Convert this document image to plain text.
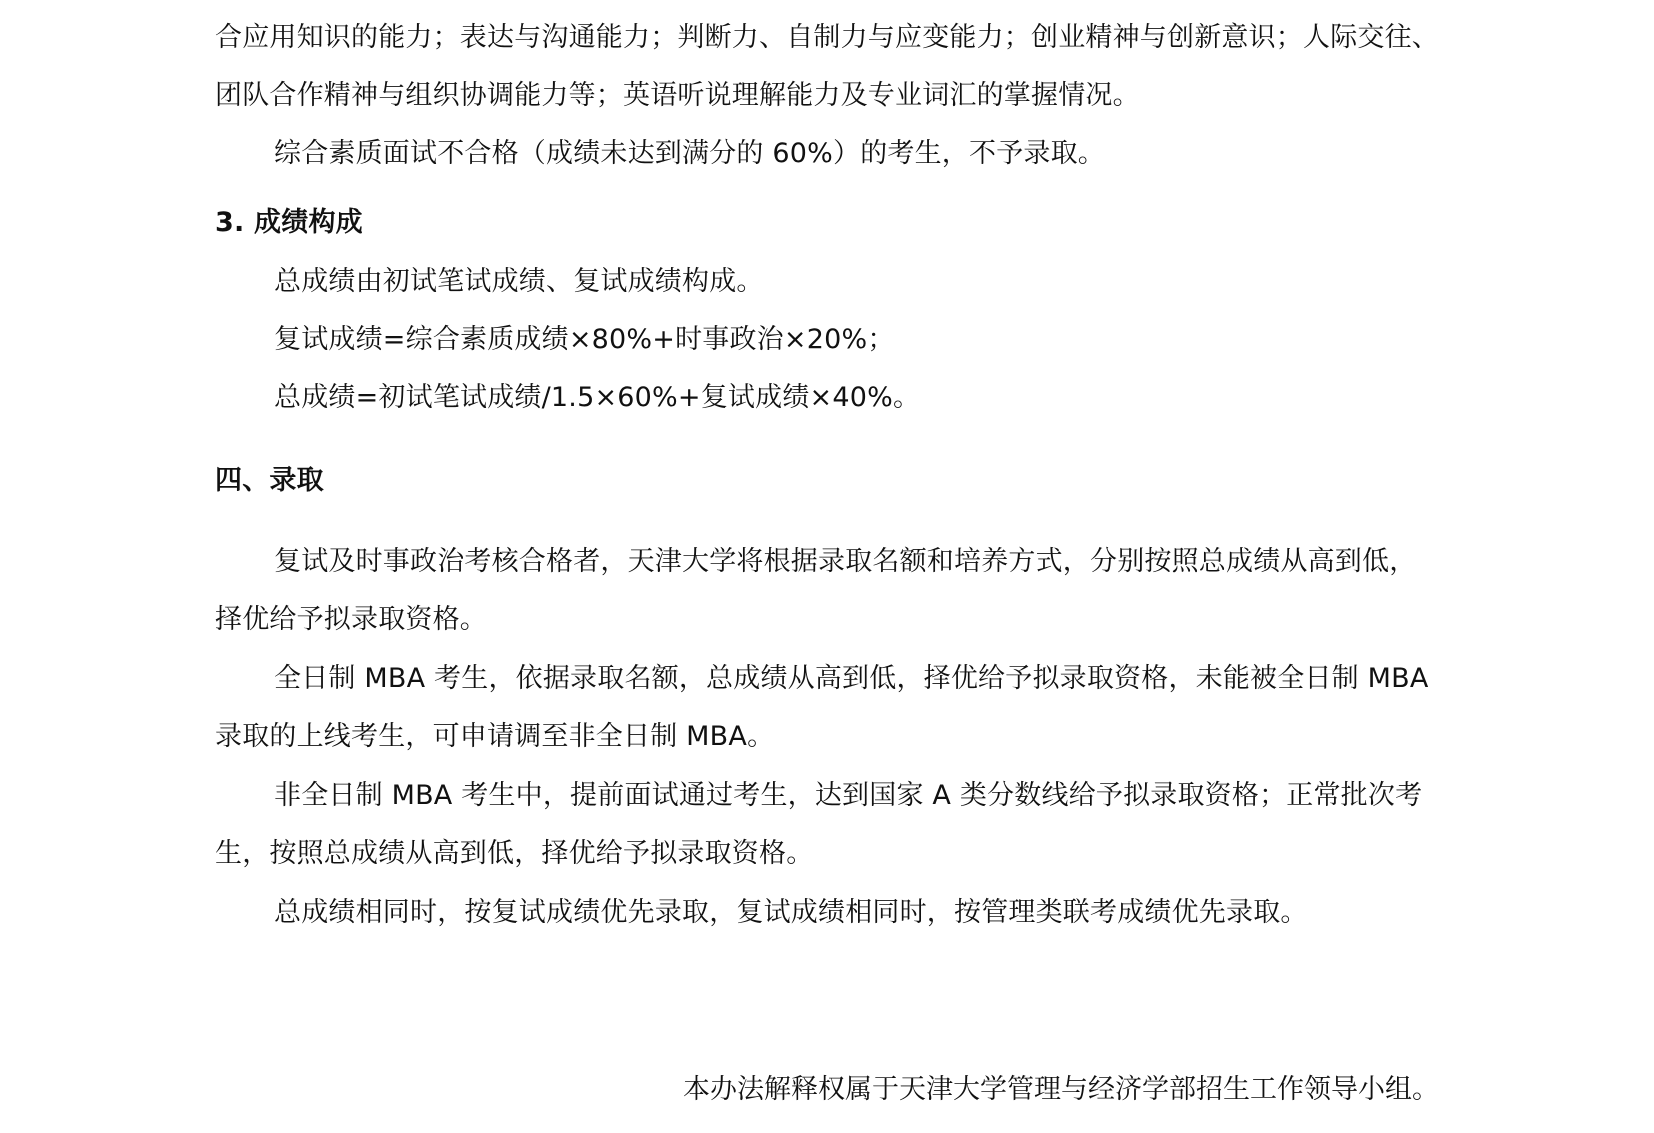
合应用知识的能力；表达与沟通能力；判断力、自制力与应变能力；创业精神与创新意识；人际交往、
团队合作精神与组织协调能力等；英语听说理解能力及专业词汇的掌握情况。
综合素质面试不合格（成绩未达到满分的 60%）的考生，不予录取。
3. 成绩构成
总成绩由初试笔试成绩、复试成绩构成。
复试成绩=综合素质成绩×80%+时事政治×20%；
总成绩=初试笔试成绩/1.5×60%+复试成绩×40%。
四、录取
复试及时事政治考核合格者，天津大学将根据录取名额和培养方式，分别按照总成绩从高到低，
择优给予拟录取资格。
全日制 MBA 考生，依据录取名额，总成绩从高到低，择优给予拟录取资格，未能被全日制 MBA
录取的上线考生，可申请调至非全日制 MBA。
非全日制 MBA 考生中，提前面试通过考生，达到国家 A 类分数线给予拟录取资格；正常批次考
生，按照总成绩从高到低，择优给予拟录取资格。
总成绩相同时，按复试成绩优先录取，复试成绩相同时，按管理类联考成绩优先录取。
本办法解释权属于天津大学管理与经济学部招生工作领导小组。
